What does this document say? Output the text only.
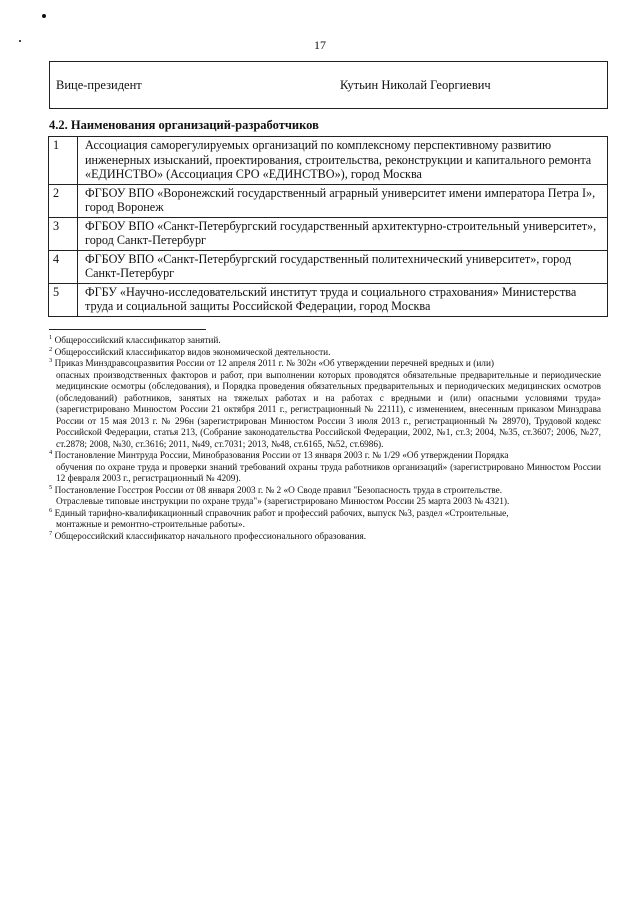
17
Вице-президент	Кутьин Николай Георгиевич
4.2. Наименования организаций-разработчиков
1	Ассоциация саморегулируемых организаций по комплексному перспективному развитию инженерных изысканий, проектирования, строительства, реконструкции и капитального ремонта «ЕДИНСТВО» (Ассоциация СРО «ЕДИНСТВО»), город Москва
2	ФГБОУ ВПО «Воронежский государственный аграрный университет имени императора Петра I», город Воронеж
3	ФГБОУ ВПО «Санкт-Петербургский государственный архитектурно-строительный университет», город Санкт-Петербург
4	ФГБОУ ВПО «Санкт-Петербургский государственный политехнический университет», город Санкт-Петербург
5	ФГБУ «Научно-исследовательский институт труда и социального страхования» Министерства труда и социальной защиты Российской Федерации, город Москва

$^1$ Общероссийский классификатор занятий.

$^2$ Общероссийский классификатор видов экономической деятельности.

$^3$ Приказ Минздравсоцразвития России от 12 апреля 2011 г. № 302н «Об утверждении перечней вредных и (или)
опасных производственных факторов и работ, при выполнении которых проводятся обязательные предварительные и периодические медицинские осмотры (обследования), и Порядка проведения обязательных предварительных и периодических медицинских осмотров (обследований) работников, занятых на тяжелых работах и на работах с вредными и (или) опасными условиями труда» (зарегистрировано Минюстом России 21 октября 2011 г., регистрационный № 22111), с изменением, внесенным приказом Минздрава России от 15 мая 2013 г. № 296н (зарегистрирован Минюстом России 3 июля 2013 г., регистрационный № 28970), Трудовой кодекс Российской Федерации, статья 213, (Собрание законодательства Российской Федерации, 2002, №1, ст.3; 2004, №35, ст.3607; 2006, №27, ст.2878; 2008, №30, ст.3616; 2011, №49, ст.7031; 2013, №48, ст.6165, №52, ст.6986).

$^4$ Постановление Минтруда России, Минобразования России от 13 января 2003 г. № 1/29 «Об утверждении Порядка
обучения по охране труда и проверки знаний требований охраны труда работников организаций» (зарегистрировано Минюстом России 12 февраля 2003 г., регистрационный № 4209).

$^5$ Постановление Госстроя России от 08 января 2003 г. № 2 «О Своде правил "Безопасность труда в строительстве.
Отраслевые типовые инструкции по охране труда"» (зарегистрировано Минюстом России 25 марта 2003 № 4321).

$^6$ Единый тарифно-квалификационный справочник работ и профессий рабочих, выпуск №3, раздел «Строительные,
монтажные и ремонтно-строительные работы».

$^7$ Общероссийский классификатор начального профессионального образования.
